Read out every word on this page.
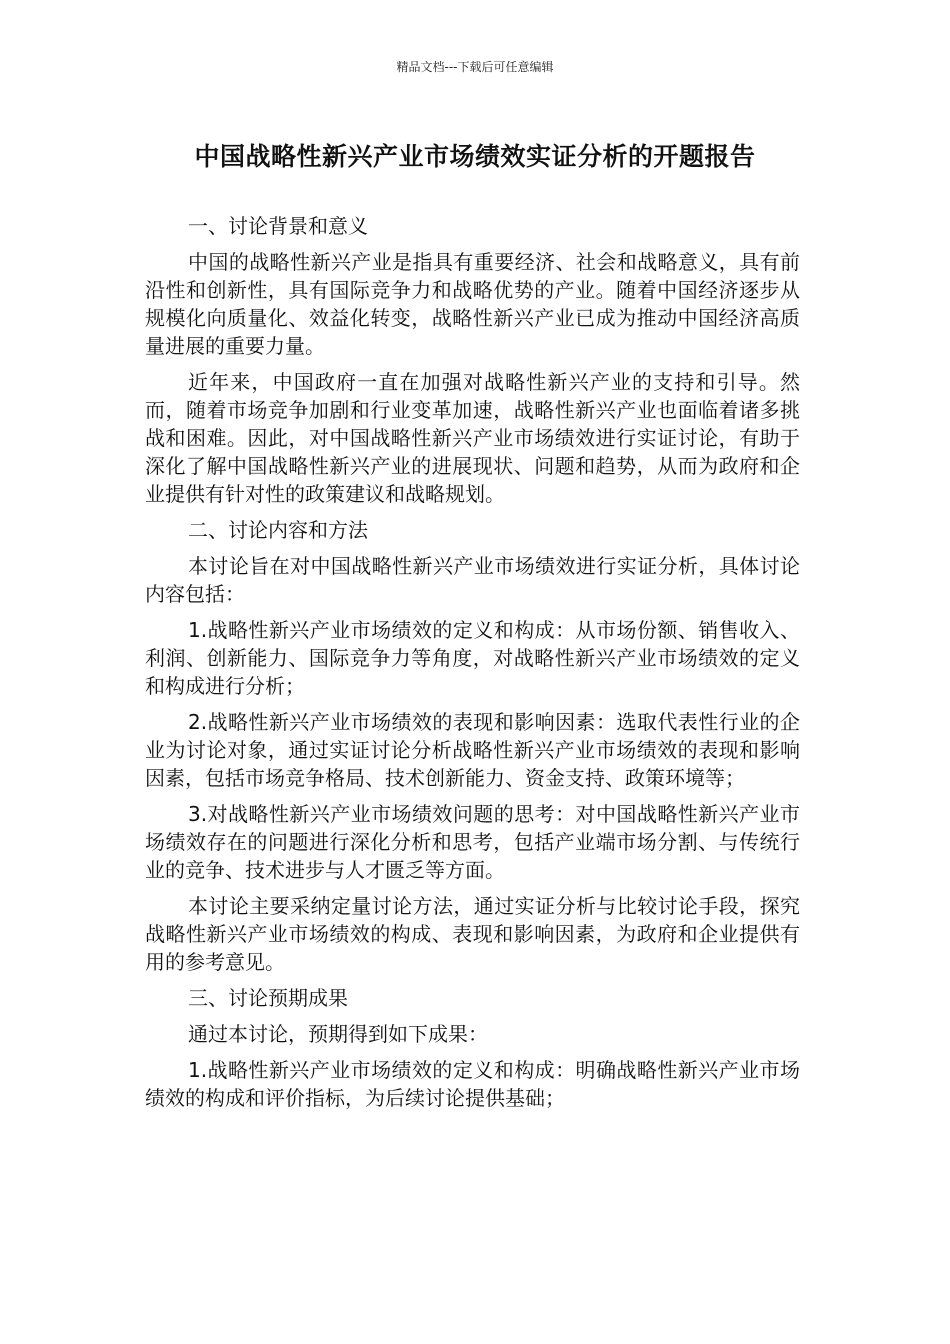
精品文档---下载后可任意编辑
中国战略性新兴产业市场绩效实证分析的开题报告

一、讨论背景和意义

中国的战略性新兴产业是指具有重要经济、社会和战略意义，具有前沿性和创新性，具有国际竞争力和战略优势的产业。随着中国经济逐步从规模化向质量化、效益化转变，战略性新兴产业已成为推动中国经济高质量进展的重要力量。

近年来，中国政府一直在加强对战略性新兴产业的支持和引导。然而，随着市场竞争加剧和行业变革加速，战略性新兴产业也面临着诸多挑战和困难。因此，对中国战略性新兴产业市场绩效进行实证讨论，有助于深化了解中国战略性新兴产业的进展现状、问题和趋势，从而为政府和企业提供有针对性的政策建议和战略规划。

二、讨论内容和方法

本讨论旨在对中国战略性新兴产业市场绩效进行实证分析，具体讨论内容包括：

1.战略性新兴产业市场绩效的定义和构成：从市场份额、销售收入、利润、创新能力、国际竞争力等角度，对战略性新兴产业市场绩效的定义和构成进行分析；

2.战略性新兴产业市场绩效的表现和影响因素：选取代表性行业的企业为讨论对象，通过实证讨论分析战略性新兴产业市场绩效的表现和影响因素，包括市场竞争格局、技术创新能力、资金支持、政策环境等；

3.对战略性新兴产业市场绩效问题的思考：对中国战略性新兴产业市场绩效存在的问题进行深化分析和思考，包括产业端市场分割、与传统行业的竞争、技术进步与人才匮乏等方面。

本讨论主要采纳定量讨论方法，通过实证分析与比较讨论手段，探究战略性新兴产业市场绩效的构成、表现和影响因素，为政府和企业提供有用的参考意见。

三、讨论预期成果

通过本讨论，预期得到如下成果：

1.战略性新兴产业市场绩效的定义和构成：明确战略性新兴产业市场绩效的构成和评价指标，为后续讨论提供基础；
